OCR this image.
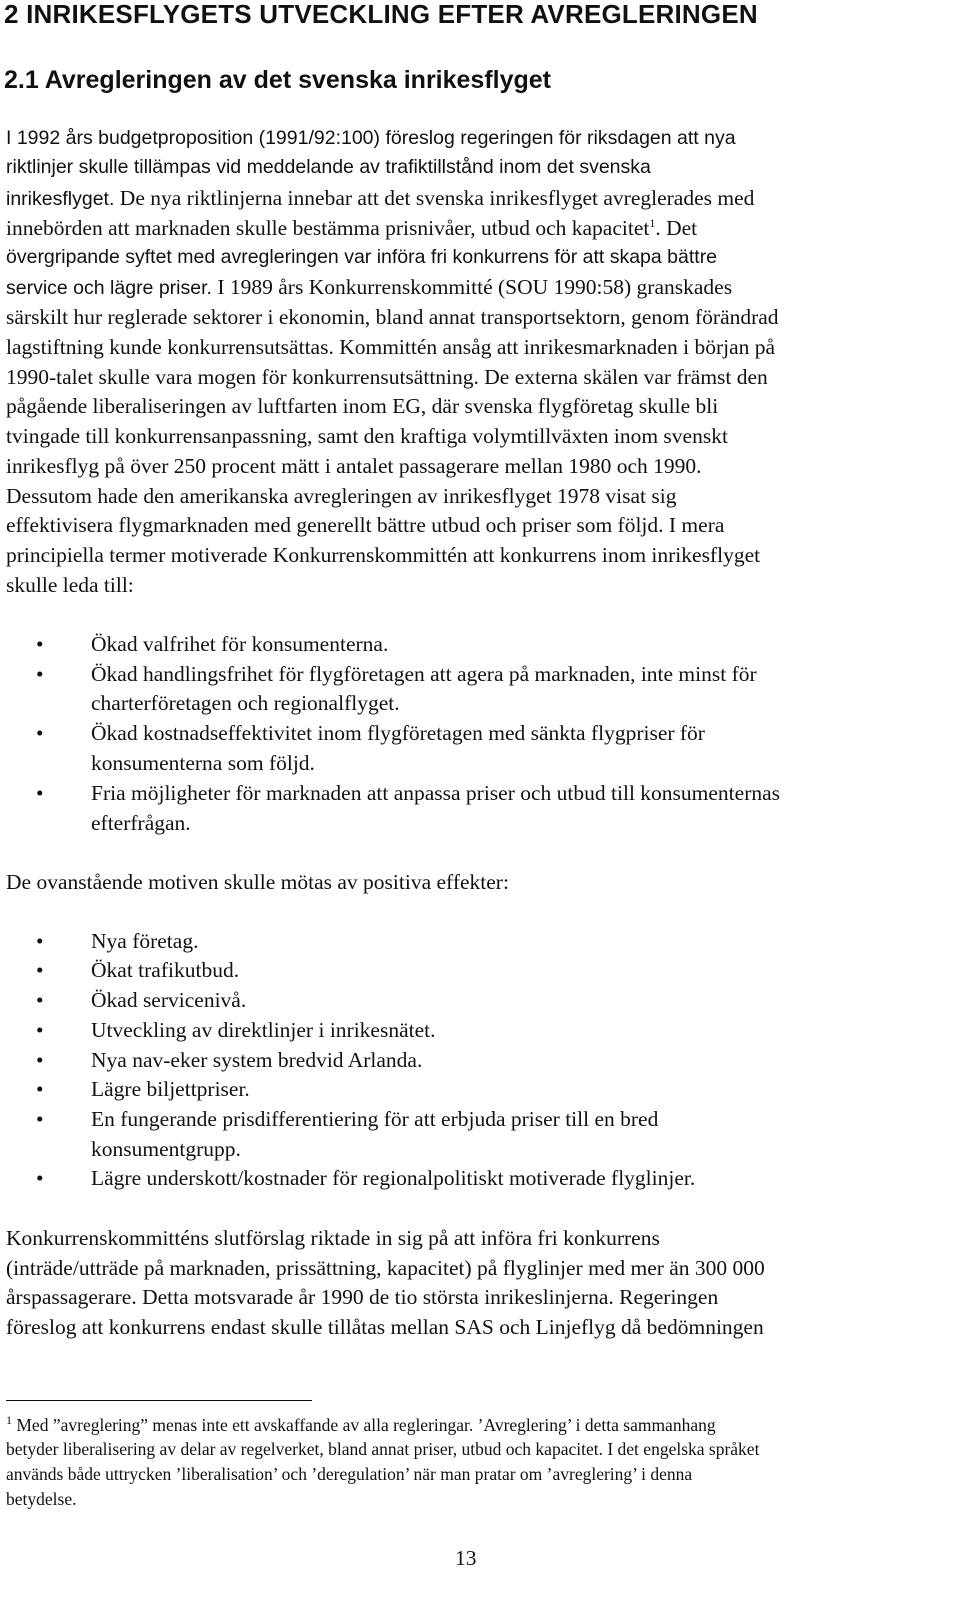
2 INRIKESFLYGETS UTVECKLING EFTER AVREGLERINGEN
2.1 Avregleringen av det svenska inrikesflyget
I 1992 års budgetproposition (1991/92:100) föreslog regeringen för riksdagen att nya
riktlinjer skulle tillämpas vid meddelande av trafiktillstånd inom det svenska
inrikesflyget. De nya riktlinjerna innebar att det svenska inrikesflyget avreglerades med
innebörden att marknaden skulle bestämma prisnivåer, utbud och kapacitet$^1$. Det
övergripande syftet med avregleringen var införa fri konkurrens för att skapa bättre
service och lägre priser. I 1989 års Konkurrenskommitté (SOU 1990:58) granskades
särskilt hur reglerade sektorer i ekonomin, bland annat transportsektorn, genom förändrad
lagstiftning kunde konkurrensutsättas. Kommittén ansåg att inrikesmarknaden i början på
1990-talet skulle vara mogen för konkurrensutsättning. De externa skälen var främst den
pågående liberaliseringen av luftfarten inom EG, där svenska flygföretag skulle bli
tvingade till konkurrensanpassning, samt den kraftiga volymtillväxten inom svenskt
inrikesflyg på över 250 procent mätt i antalet passagerare mellan 1980 och 1990.
Dessutom hade den amerikanska avregleringen av inrikesflyget 1978 visat sig
effektivisera flygmarknaden med generellt bättre utbud och priser som följd. I mera
principiella termer motiverade Konkurrenskommittén att konkurrens inom inrikesflyget
skulle leda till:
• Ökad valfrihet för konsumenterna.
• Ökad handlingsfrihet för flygföretagen att agera på marknaden, inte minst för
charterföretagen och regionalflyget.
• Ökad kostnadseffektivitet inom flygföretagen med sänkta flygpriser för
konsumenterna som följd.
• Fria möjligheter för marknaden att anpassa priser och utbud till konsumenternas
efterfrågan.
De ovanstående motiven skulle mötas av positiva effekter:
• Nya företag.
• Ökat trafikutbud.
• Ökad servicenivå.
• Utveckling av direktlinjer i inrikesnätet.
• Nya nav-eker system bredvid Arlanda.
• Lägre biljettpriser.
• En fungerande prisdifferentiering för att erbjuda priser till en bred
konsumentgrupp.
• Lägre underskott/kostnader för regionalpolitiskt motiverade flyglinjer.
Konkurrenskommitténs slutförslag riktade in sig på att införa fri konkurrens
(inträde/utträde på marknaden, prissättning, kapacitet) på flyglinjer med mer än 300 000
årspassagerare. Detta motsvarade år 1990 de tio största inrikeslinjerna. Regeringen
föreslog att konkurrens endast skulle tillåtas mellan SAS och Linjeflyg då bedömningen
$^1$ Med ”avreglering” menas inte ett avskaffande av alla regleringar. ’Avreglering’ i detta sammanhang
betyder liberalisering av delar av regelverket, bland annat priser, utbud och kapacitet. I det engelska språket
används både uttrycken ’liberalisation’ och ’deregulation’ när man pratar om ’avreglering’ i denna
betydelse.
13
